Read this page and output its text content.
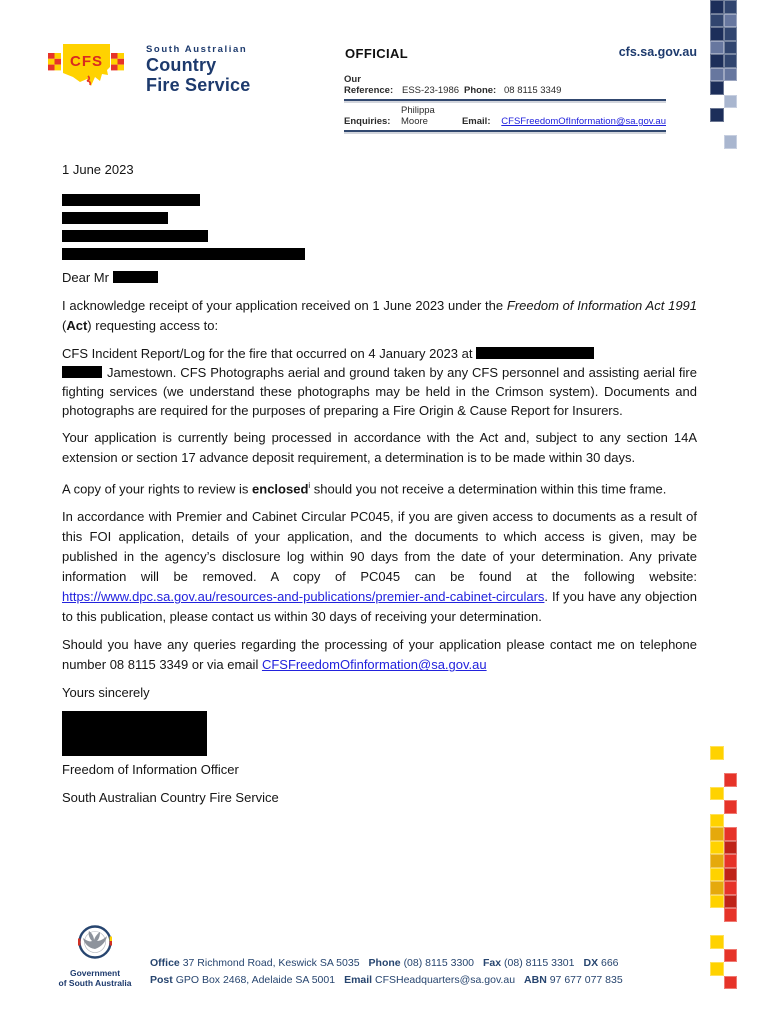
CFS
South Australian
Country
Fire Service
OFFICIAL	cfs.sa.gov.au
Our Reference: ESS-23-1986 Phone: 08 8115 3349
Enquiries:
Philippa Moore	Email:	CFSFreedomOfInformation@sa.gov.au

1 June 2023

Dear Mr

I acknowledge receipt of your application received on 1 June 2023 under the Freedom of Information Act 1991 (Act) requesting access to:

CFS Incident Report/Log for the fire that occurred on 4 January 2023 at
Jamestown. CFS Photographs aerial and ground taken by any CFS personnel and assisting aerial fire fighting services (we understand these photographs may be held in the Crimson system). Documents and photographs are required for the purposes of preparing a Fire Origin & Cause Report for Insurers.

Your application is currently being processed in accordance with the Act and, subject to any section 14A extension or section 17 advance deposit requirement, a determination is to be made within 30 days.

A copy of your rights to review is enclosed$^i$ should you not receive a determination within this time frame.

In accordance with Premier and Cabinet Circular PC045, if you are given access to documents as a result of this FOI application, details of your application, and the documents to which access is given, may be published in the agency’s disclosure log within 90 days from the date of your determination. Any private information will be removed. A copy of PC045 can be found at the following website: https://www.dpc.sa.gov.au/resources-and-publications/premier-and-cabinet-circulars. If you have any objection to this publication, please contact us within 30 days of receiving your determination.

Should you have any queries regarding the processing of your application please contact me on telephone number 08 8115 3349 or via email CFSFreedomOfinformation@sa.gov.au

Yours sincerely

Freedom of Information Officer

South Australian Country Fire Service

Government
of South Australia
Office 37 Richmond Road, Keswick SA 5035 Phone (08) 8115 3300 Fax (08) 8115 3301 DX 666
Post GPO Box 2468, Adelaide SA 5001 Email CFSHeadquarters@sa.gov.au ABN 97 677 077 835
